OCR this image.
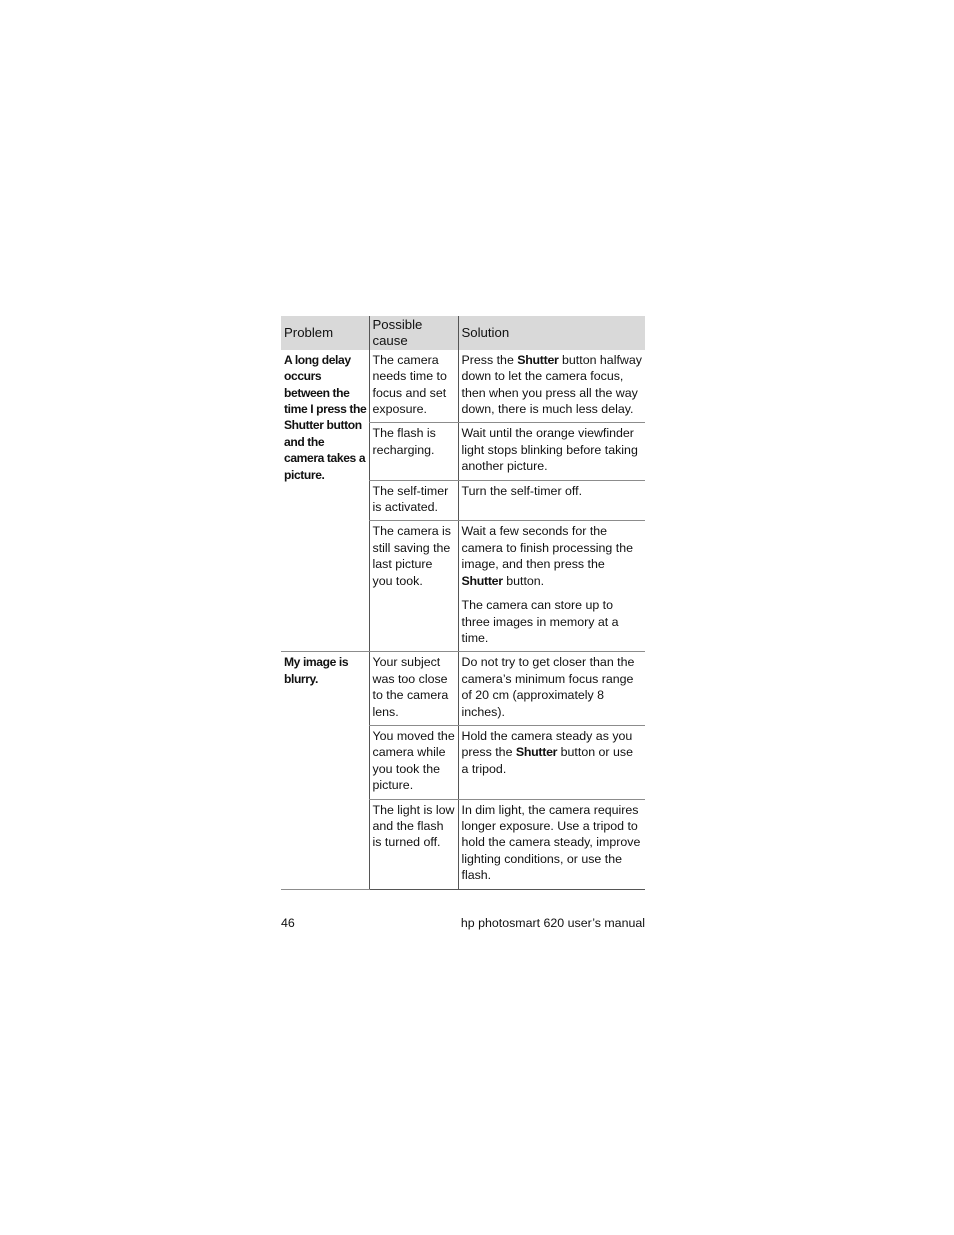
Problem	Possible cause	Solution
A long delay occurs between the time I press the Shutter button and the camera takes a picture.	The camera needs time to focus and set exposure.	Press the Shutter button halfway down to let the camera focus, then when you press all the way down, there is much less delay.
	The flash is recharging.	Wait until the orange viewfinder light stops blinking before taking another picture.
	The self-timer is activated.	Turn the self-timer off.
	The camera is still saving the last picture you took.	Wait a few seconds for the camera to finish processing the image, and then press the Shutter button.
The camera can store up to three images in memory at a time.

My image is blurry.	Your subject was too close to the camera lens.	Do not try to get closer than the camera’s minimum focus range of 20 cm (approximately 8 inches).
	You moved the camera while you took the picture.	Hold the camera steady as you press the Shutter button or use a tripod.
	The light is low and the flash is turned off.	In dim light, the camera requires longer exposure. Use a tripod to hold the camera steady, improve lighting conditions, or use the flash.
46	hp photosmart 620 user’s manual
